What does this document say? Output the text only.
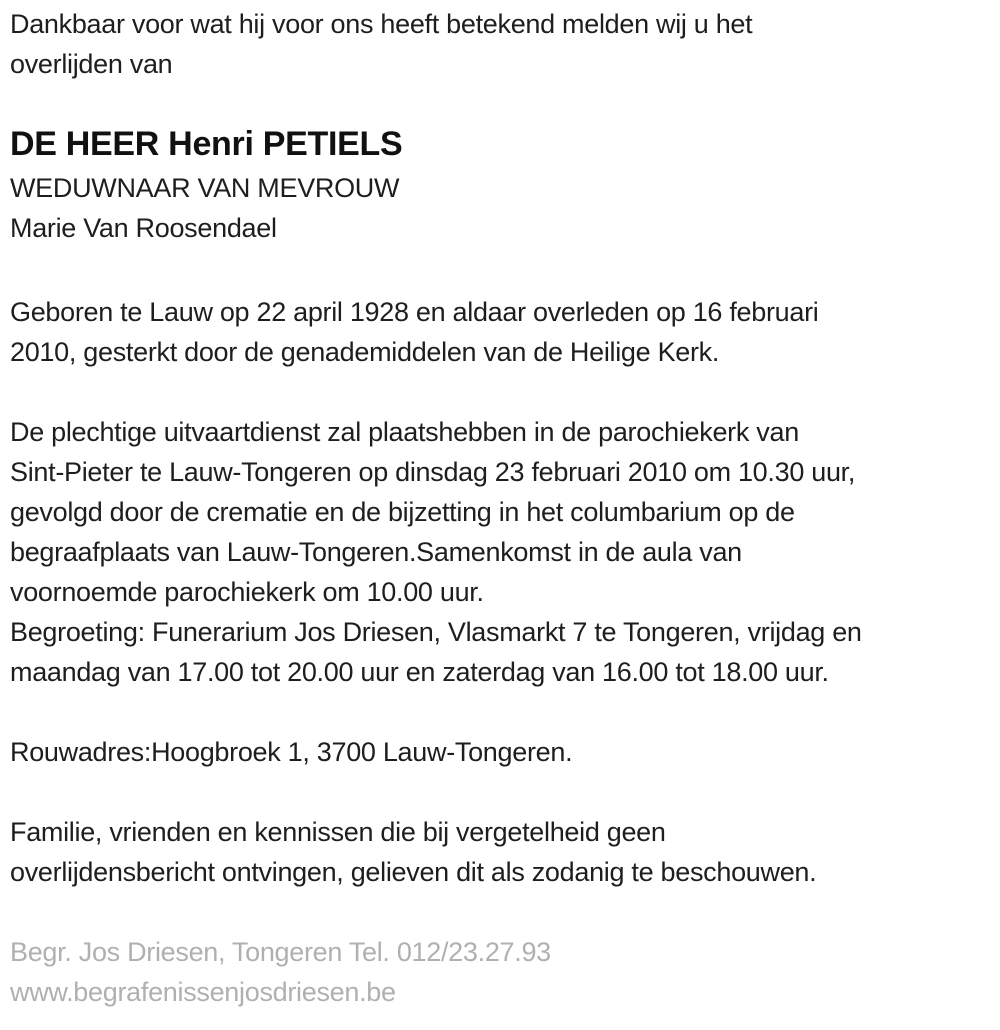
Dankbaar voor wat hij voor ons heeft betekend melden wij u het
overlijden van
DE HEER Henri PETIELS
WEDUWNAAR VAN MEVROUW
Marie Van Roosendael
Geboren te Lauw op 22 april 1928 en aldaar overleden op 16 februari
2010, gesterkt door de genademiddelen van de Heilige Kerk.
De plechtige uitvaartdienst zal plaatshebben in de parochiekerk van
Sint-Pieter te Lauw-Tongeren op dinsdag 23 februari 2010 om 10.30 uur,
gevolgd door de crematie en de bijzetting in het columbarium op de
begraafplaats van Lauw-Tongeren.Samenkomst in de aula van
voornoemde parochiekerk om 10.00 uur.
Begroeting: Funerarium Jos Driesen, Vlasmarkt 7 te Tongeren, vrijdag en
maandag van 17.00 tot 20.00 uur en zaterdag van 16.00 tot 18.00 uur.
Rouwadres:Hoogbroek 1, 3700 Lauw-Tongeren.
Familie, vrienden en kennissen die bij vergetelheid geen
overlijdensbericht ontvingen, gelieven dit als zodanig te beschouwen.
Begr. Jos Driesen, Tongeren Tel. 012/23.27.93
www.begrafenissenjosdriesen.be
